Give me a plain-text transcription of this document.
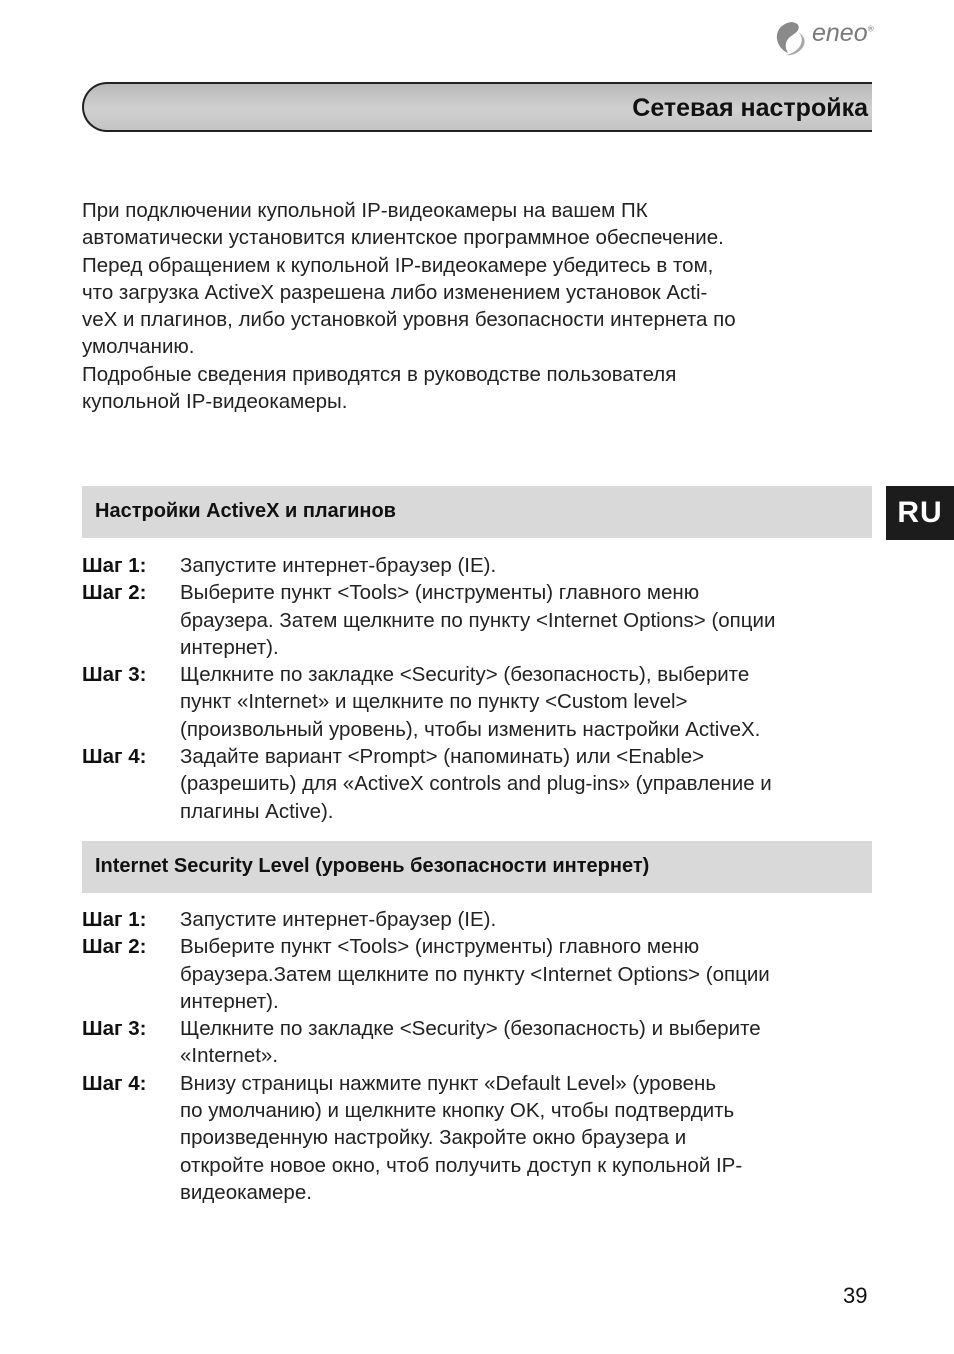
eneo®
Сетевая настройка

При подключении купольной IP-видеокамеры на вашем ПК

автоматически установится клиентское программное обеспечение.

Перед обращением к купольной IP-видеокамере убедитесь в том,

что загрузка ActiveX разрешена либо изменением установок Acti-

veX и плагинов, либо установкой уровня безопасности интернета по

умолчанию.

Подробные сведения приводятся в руководстве пользователя

купольной IP-видеокамеры.

RU
Настройки ActiveX и плагинов
Шаг 1:	Запустите интернет-браузер (IE).
Шаг 2:	Выберите пункт <Tools> (инструменты) главного меню
браузера. Затем щелкните по пункту <Internet Options> (опции
интернет).
Шаг 3:	Щелкните по закладке <Security> (безопасность), выберите
пункт «Internet» и щелкните по пункту <Custom level>
(произвольный уровень), чтобы изменить настройки ActiveX.
Шаг 4:	Задайте вариант <Prompt> (напоминать) или <Enable>
(разрешить) для «ActiveX controls and plug-ins» (управление и
плагины Active).
Internet Security Level (уровень безопасности интернет)
Шаг 1:	Запустите интернет-браузер (IE).
Шаг 2:	Выберите пункт <Tools> (инструменты) главного меню
браузера.Затем щелкните по пункту <Internet Options> (опции
интернет).
Шаг 3:	Щелкните по закладке <Security> (безопасность) и выберите
«Internet».
Шаг 4:	Внизу страницы нажмите пункт «Default Level» (уровень
по умолчанию) и щелкните кнопку OK, чтобы подтвердить
произведенную настройку. Закройте окно браузера и
откройте новое окно, чтоб получить доступ к купольной IP-
видеокамере.
39
